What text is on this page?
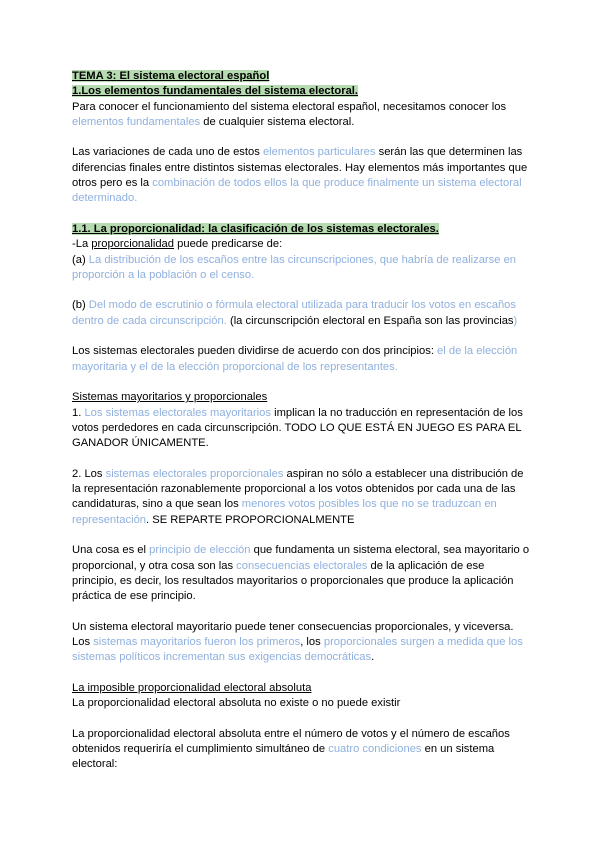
TEMA 3: El sistema electoral español

1.Los elementos fundamentales del sistema electoral.

Para conocer el funcionamiento del sistema electoral español, necesitamos conocer los elementos fundamentales de cualquier sistema electoral.

Las variaciones de cada uno de estos elementos particulares serán las que determinen las diferencias finales entre distintos sistemas electorales. Hay elementos más importantes que otros pero es la combinación de todos ellos la que produce finalmente un sistema electoral determinado.

1.1. La proporcionalidad: la clasificación de los sistemas electorales.

-La proporcionalidad puede predicarse de:

(a) La distribución de los escaños entre las circunscripciones, que habría de realizarse en proporción a la población o el censo.

(b) Del modo de escrutinio o fórmula electoral utilizada para traducir los votos en escaños dentro de cada circunscripción. (la circunscripción electoral en España son las provincias)

Los sistemas electorales pueden dividirse de acuerdo con dos principios: el de la elección mayoritaria y el de la elección proporcional de los representantes.

Sistemas mayoritarios y proporcionales

1. Los sistemas electorales mayoritarios implican la no traducción en representación de los votos perdedores en cada circunscripción. TODO LO QUE ESTÁ EN JUEGO ES PARA EL GANADOR ÚNICAMENTE.

2. Los sistemas electorales proporcionales aspiran no sólo a establecer una distribución de la representación razonablemente proporcional a los votos obtenidos por cada una de las candidaturas, sino a que sean los menores votos posibles los que no se traduzcan en representación. SE REPARTE PROPORCIONALMENTE

Una cosa es el principio de elección que fundamenta un sistema electoral, sea mayoritario o proporcional, y otra cosa son las consecuencias electorales de la aplicación de ese principio, es decir, los resultados mayoritarios o proporcionales que produce la aplicación práctica de ese principio.

Un sistema electoral mayoritario puede tener consecuencias proporcionales, y viceversa. Los sistemas mayoritarios fueron los primeros, los proporcionales surgen a medida que los sistemas políticos incrementan sus exigencias democráticas.

La imposible proporcionalidad electoral absoluta

La proporcionalidad electoral absoluta no existe o no puede existir

La proporcionalidad electoral absoluta entre el número de votos y el número de escaños obtenidos requeriría el cumplimiento simultáneo de cuatro condiciones en un sistema electoral:
